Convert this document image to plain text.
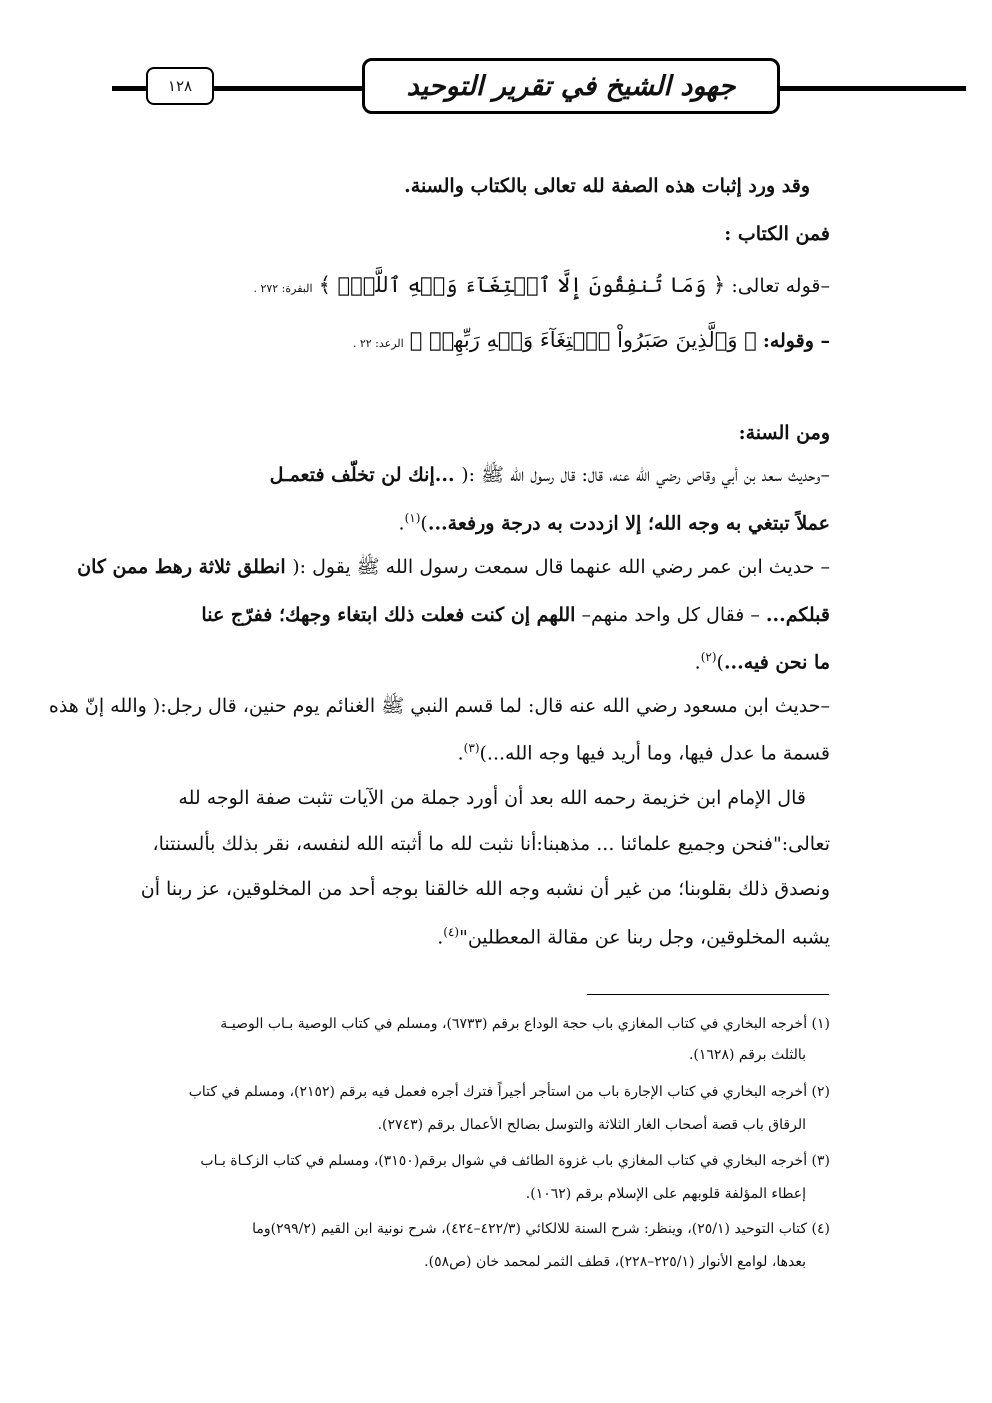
جهود الشيخ في تقرير التوحيد
١٢٨
وقد ورد إثبات هذه الصفة لله تعالى بالكتاب والسنة.
فمن الكتاب :
–قوله تعالى: ﴿ وَمَا تُنفِقُونَ إِلَّا ٱبۡتِغَآءَ وَجۡهِ ٱللَّهِۚ ﴾ البقرة: ٢٧٢ .
– وقوله: ﴿ وَٱلَّذِينَ صَبَرُواْ ٱبۡتِغَآءَ وَجۡهِ رَبِّهِمۡ ﴾ الرعد: ٢٢ .
ومن السنة:
–وحديث سعد بن أبي وقاص رضي الله عنه، قال: قال رسول الله ﷺ :( ...إنك لن تخلّف فتعمـل
عملاً تبتغي به وجه الله؛ إلا ازددت به درجة ورفعة...)$^{(١)}$.
– حديث ابن عمر رضي الله عنهما قال سمعت رسول الله ﷺ يقول :( انطلق ثلاثة رهط ممن كان
قبلكم... – فقال كل واحد منهم– اللهم إن كنت فعلت ذلك ابتغاء وجهك؛ ففرّج عنا
ما نحن فيه...)$^{(٢)}$.
–حديث ابن مسعود رضي الله عنه قال: لما قسم النبي ﷺ الغنائم يوم حنين، قال رجل:( والله إنّ هذه
قسمة ما عدل فيها، وما أريد فيها وجه الله...)$^{(٣)}$.
قال الإمام ابن خزيمة رحمه الله بعد أن أورد جملة من الآيات تثبت صفة الوجه لله
تعالى:"فنحن وجميع علمائنا ... مذهبنا:أنا نثبت لله ما أثبته الله لنفسه، نقر بذلك بألسنتنا،
ونصدق ذلك بقلوبنا؛ من غير أن نشبه وجه الله خالقنا بوجه أحد من المخلوقين، عز ربنا أن
يشبه المخلوقين، وجل ربنا عن مقالة المعطلين"$^{(٤)}$.
(١) أخرجه البخاري في كتاب المغازي باب حجة الوداع برقم (٦٧٣٣)، ومسلم في كتاب الوصية بـاب الوصيـة
بالثلث برقم (١٦٢٨).
(٢) أخرجه البخاري في كتاب الإجارة باب من استأجر أجيراً فترك أجره فعمل فيه برقم (٢١٥٢)، ومسلم في كتاب
الرقاق باب قصة أصحاب الغار الثلاثة والتوسل بصالح الأعمال برقم (٢٧٤٣).
(٣) أخرجه البخاري في كتاب المغازي باب غزوة الطائف في شوال برقم(٣١٥٠)، ومسلم في كتاب الزكـاة بـاب
إعطاء المؤلفة قلوبهم على الإسلام برقم (١٠٦٢).
(٤) كتاب التوحيد (٢٥/١)، وينظر: شرح السنة للالكائي (٤٢٢/٣–٤٢٤)، شرح نونية ابن القيم (٢٩٩/٢)وما
بعدها، لوامع الأنوار (٢٢٥/١–٢٢٨)، قطف الثمر لمحمد خان (ص٥٨).
